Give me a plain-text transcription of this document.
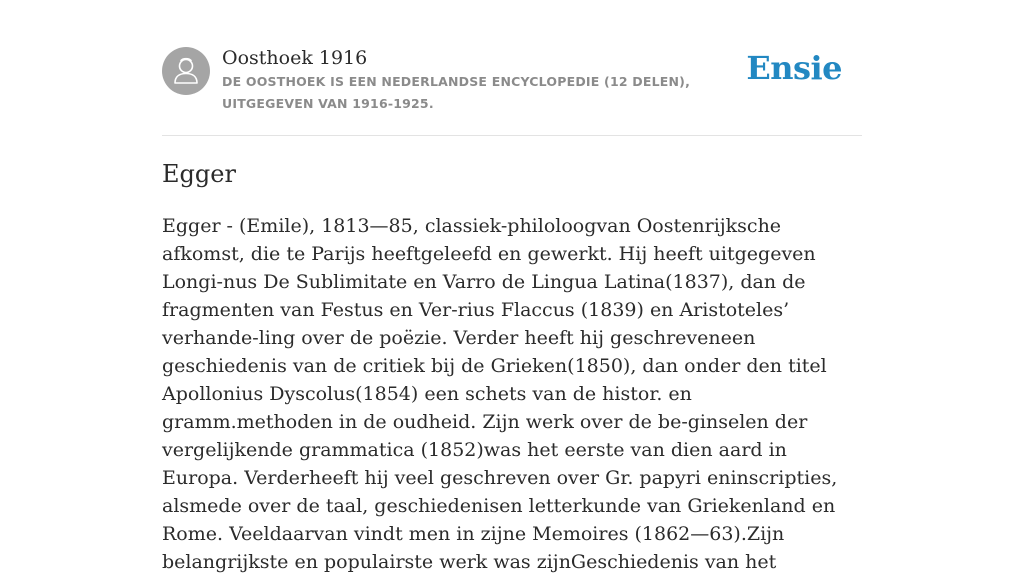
Oosthoek 1916
DE OOSTHOEK IS EEN NEDERLANDSE ENCYCLOPEDIE (12 DELEN), UITGEGEVEN VAN 1916-1925.
Ensie
Egger

Egger - (Emile), 1813—85, classiek-philoloogvan Oostenrijksche afkomst, die te Parijs heeftgeleefd en gewerkt. Hij heeft uitgegeven Longi-nus De Sublimitate en Varro de Lingua Latina(1837), dan de fragmenten van Festus en Ver-rius Flaccus (1839) en Aristoteles’ verhande-ling over de poëzie. Verder heeft hij geschreveneen geschiedenis van de critiek bij de Grieken(1850), dan onder den titel Apollonius Dyscolus(1854) een schets van de histor. en gramm.methoden in de oudheid. Zijn werk over de be-ginselen der vergelijkende grammatica (1852)was het eerste van dien aard in Europa. Verderheeft hij veel geschreven over Gr. papyri eninscripties, alsmede over de taal, geschiedenisen letterkunde van Griekenland en Rome. Veeldaarvan vindt men in zijne Memoires (1862—63).Zijn belangrijkste en populairste werk was zijnGeschiedenis van het
